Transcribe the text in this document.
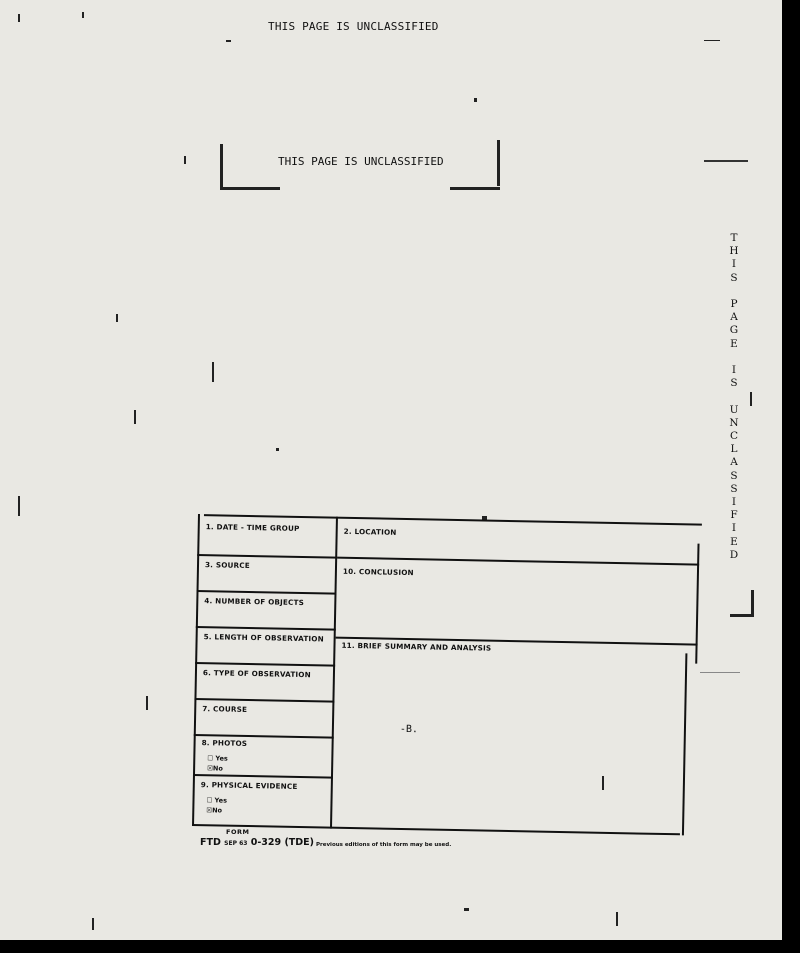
THIS PAGE IS UNCLASSIFIED
THIS PAGE IS UNCLASSIFIED
T
H
I
S

P
A
G
E

I
S

U
N
C
L
A
S
S
I
F
I
E
D
1. DATE - TIME GROUP	2. LOCATION
3. SOURCE
10. CONCLUSION
4. NUMBER OF OBJECTS
5. LENGTH OF OBSERVATION
11. BRIEF SUMMARY AND ANALYSIS
6. TYPE OF OBSERVATION
7. COURSE
8. PHOTOS
☐ Yes
☒No
9. PHYSICAL EVIDENCE
☐ Yes
☒No
-B.
FORM
FTD SEP 63 0-329 (TDE) Previous editions of this form may be used.
